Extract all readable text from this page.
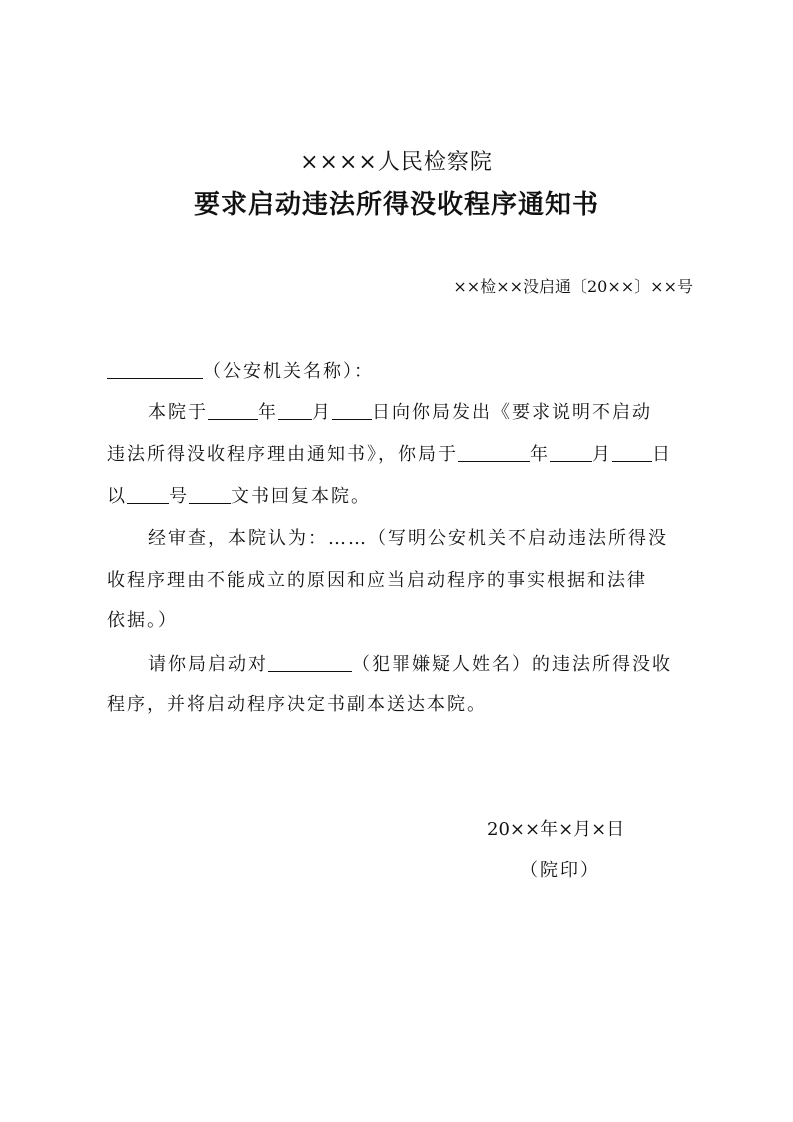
××××人民检察院
要求启动违法所得没收程序通知书
××检××没启通〔20××〕××号
（公安机关名称）：
本院于	年 月 日向你局发出《要求说明不启动
违法所得没收程序理由通知书》，你局于	年 月 日
以 号 文书回复本院。
经审查，本院认为：……（写明公安机关不启动违法所得没
收程序理由不能成立的原因和应当启动程序的事实根据和法律
依据。）
请你局启动对	（犯罪嫌疑人姓名）的违法所得没收
程序，并将启动程序决定书副本送达本院。
20××年×月×日
（院印）
